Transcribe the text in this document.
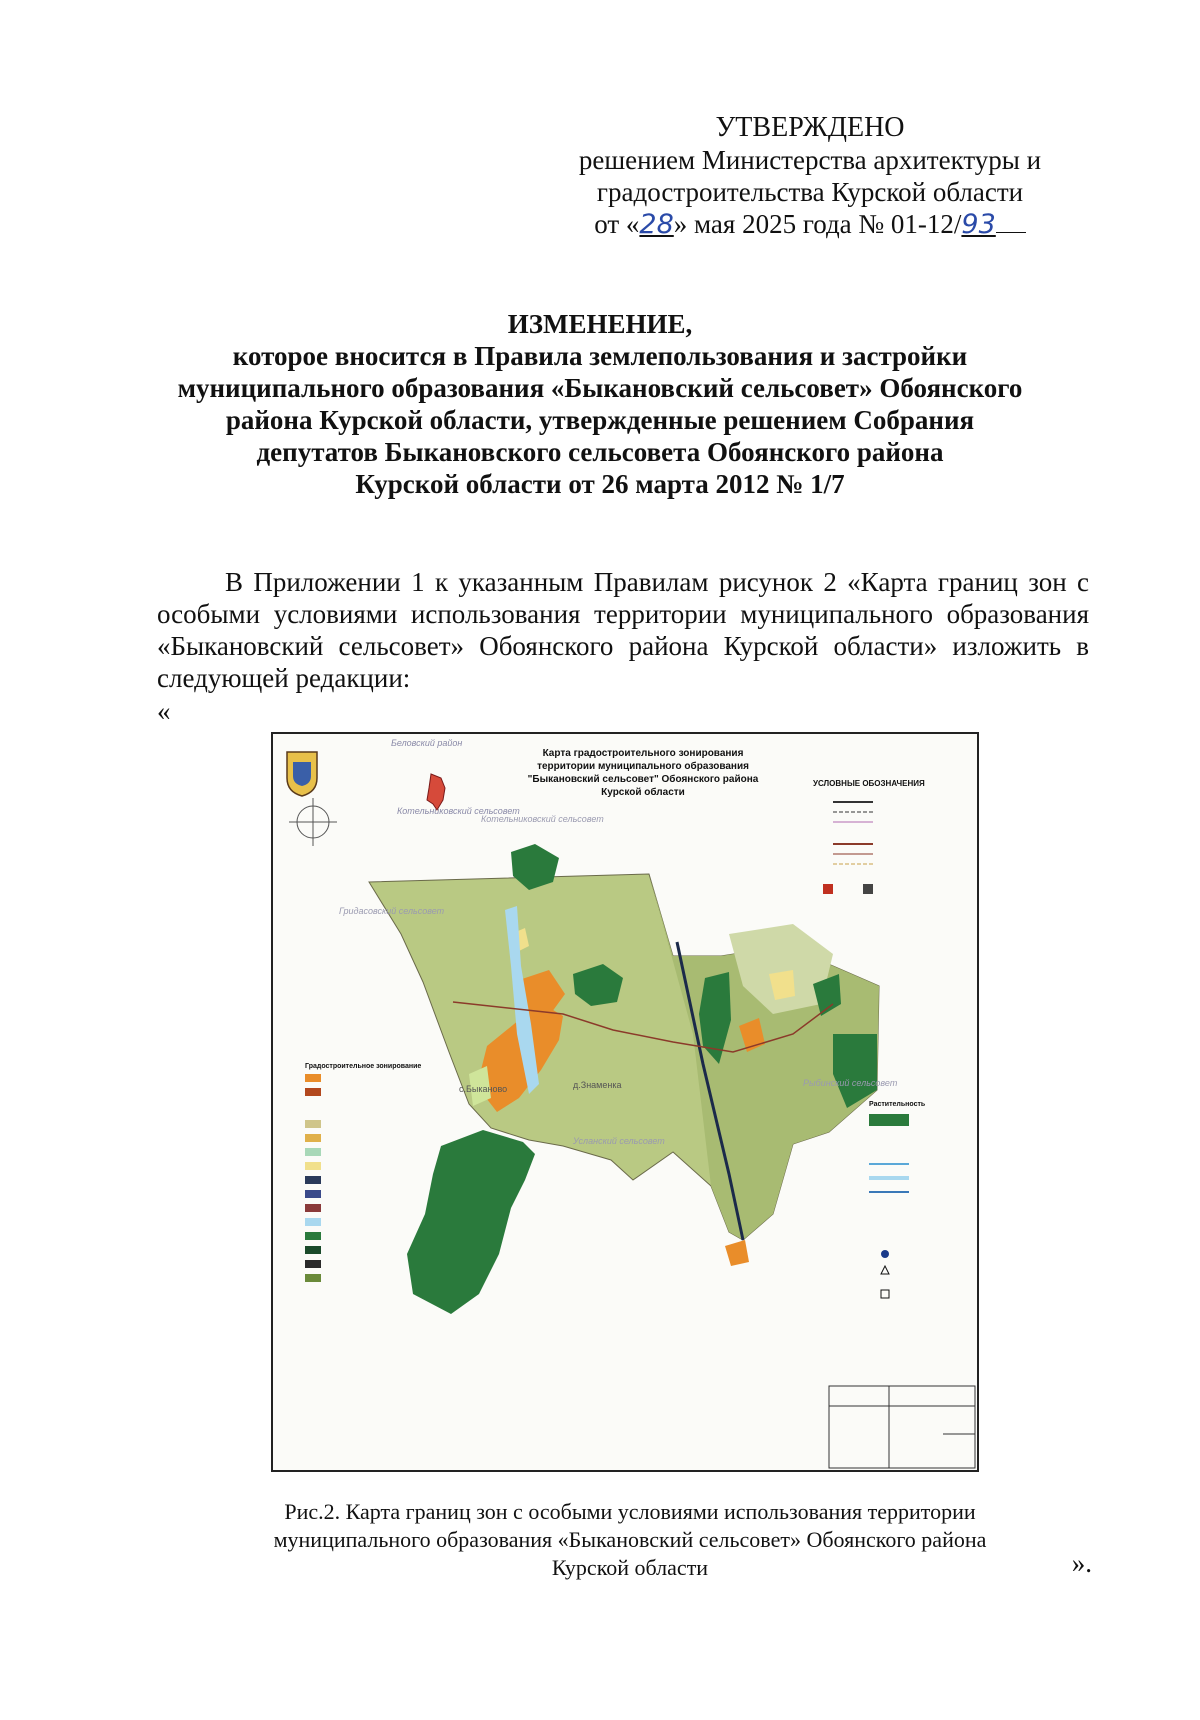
УТВЕРЖДЕНО
решением Министерства архитектуры и
градостроительства Курской области
от «28» мая 2025 года № 01-12/93
ИЗМЕНЕНИЕ,
которое вносится в Правила землепользования и застройки
муниципального образования «Быкановский сельсовет» Обоянского
района Курской области, утвержденные решением Собрания
депутатов Быкановского сельсовета Обоянского района
Курской области от 26 марта 2012 № 1/7
В Приложении 1 к указанным Правилам рисунок 2 «Карта границ зон с особыми условиями использования территории муниципального образования «Быкановский сельсовет» Обоянского района Курской области» изложить в следующей редакции:
«
Карта градостроительного зонирования
территории муниципального образования
"Быкановский сельсовет" Обоянского района
Курской области
Беловский район
Котельниковский сельсовет
с.Быканово	д.Знаменка
Котельниковский сельсовет
Гридасовский сельсовет
Рыбинский сельсовет
Усланский сельсовет
УСЛОВНЫЕ ОБОЗНАЧЕНИЯ
Растительность
Градостроительное зонирование
Рис.2. Карта границ зон с особыми условиями использования территории
муниципального образования «Быкановский сельсовет» Обоянского района
Курской области	».
